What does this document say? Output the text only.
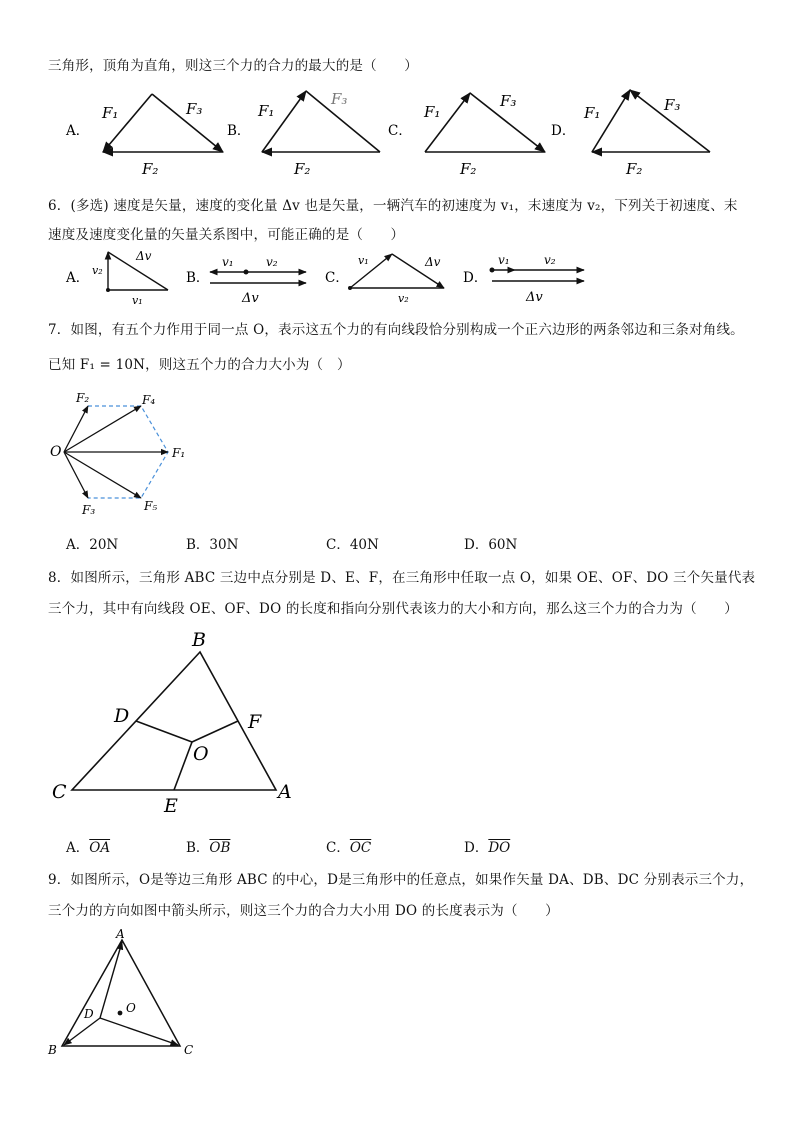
三角形，顶角为直角，则这三个力的合力的最大的是（　　）
A．
F₁	F₃
F₂
B．
F₁
F₃
F₂
C．
F₁
F₃
F₂
D．
F₁	F₃
F₂
6．(多选) 速度是矢量，速度的变化量 Δv 也是矢量，一辆汽车的初速度为 v₁，末速度为 v₂，下列关于初速度、末
速度及速度变化量的矢量关系图中，可能正确的是（　　）
A． v₂
Δv
v₁
B．
v₁	v₂
Δv
C．
v₁	Δv
v₂
D．
v₁	v₂
Δv
7．如图，有五个力作用于同一点 O，表示这五个力的有向线段恰分别构成一个正六边形的两条邻边和三条对角线。
已知 F₁ = 10N，则这五个力的合力大小为（　）
O
F₂	F₄
F₁
F₃	F₅
A．20N	B．30N	C．40N	D．60N
8．如图所示，三角形 ABC 三边中点分别是 D、E、F，在三角形中任取一点 O，如果 OE、OF、DO 三个矢量代表
三个力，其中有向线段 OE、OF、DO 的长度和指向分别代表该力的大小和方向，那么这三个力的合力为（　　）
B
D	F
O
C
E
A
A．$\overline{OA}$	B．$\overline{OB}$	C．$\overline{OC}$	D．$\overline{DO}$
9．如图所示，O是等边三角形 ABC 的中心，D是三角形中的任意点，如果作矢量 DA、DB、DC 分别表示三个力，
三个力的方向如图中箭头所示，则这三个力的合力大小用 DO 的长度表示为（　　）
A
D	O
B	C
